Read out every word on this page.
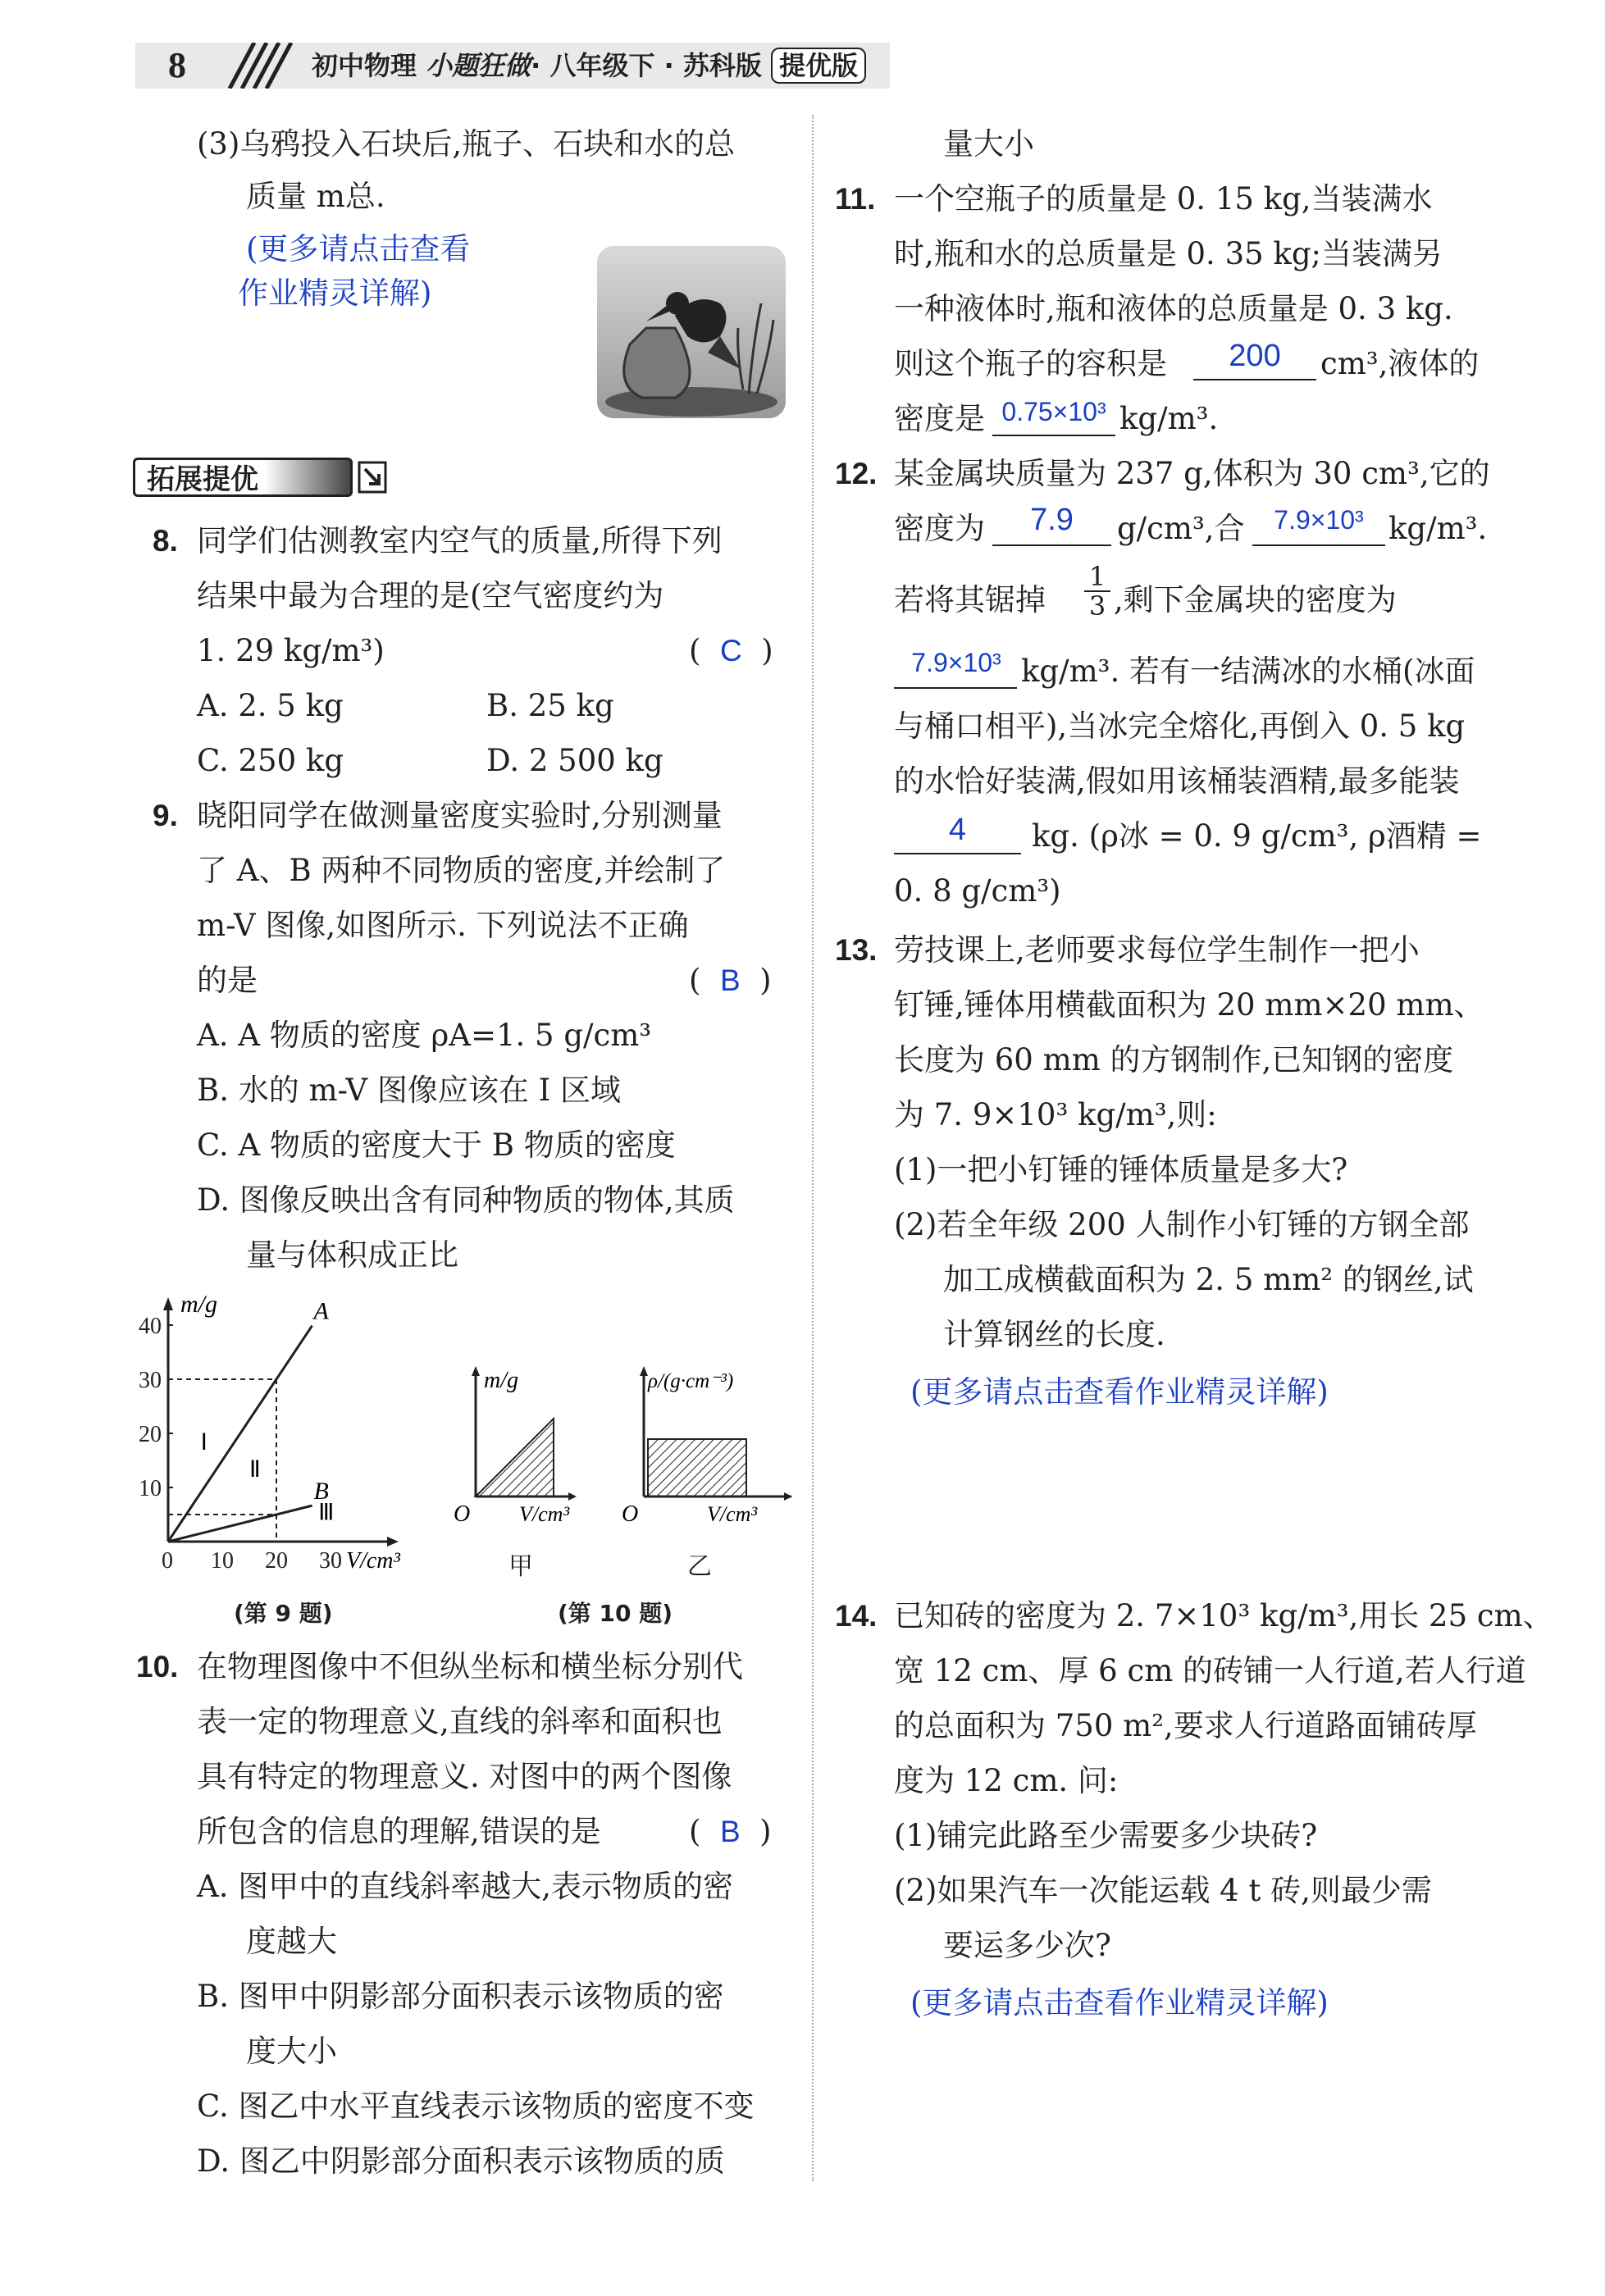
8	初中物理 小题狂做· 八年级下 · 苏科版 提优版
(3)乌鸦投入石块后,瓶子、石块和水的总
质量 m总.
(更多请点击查看
作业精灵详解)
拓展提优
8. 同学们估测教室内空气的质量,所得下列
结果中最为合理的是(空气密度约为
1. 29 kg/m³)	(  C  )
A. 2. 5 kg	B. 25 kg
C. 250 kg	D. 2 500 kg
9. 晓阳同学在做测量密度实验时,分别测量
了 A、B 两种不同物质的密度,并绘制了
m-V 图像,如图所示. 下列说法不正确
的是	(  B  )
A. A 物质的密度 ρA=1. 5 g/cm³
B. 水的 m-V 图像应该在 Ⅰ 区域
C. A 物质的密度大于 B 物质的密度
D. 图像反映出含有同种物质的物体,其质
量与体积成正比
A
B
0 10 20 30
10
20
30
40
m/g
V/cm³
Ⅰ
Ⅱ
Ⅲ
(第 9 题)
m/g
O V/cm³
甲
ρ/(g·cm⁻³)
O	V/cm³
乙
(第 10 题)
10. 在物理图像中不但纵坐标和横坐标分别代
表一定的物理意义,直线的斜率和面积也
具有特定的物理意义. 对图中的两个图像
所包含的信息的理解,错误的是	(  B  )
A. 图甲中的直线斜率越大,表示物质的密
度越大
B. 图甲中阴影部分面积表示该物质的密
度大小
C. 图乙中水平直线表示该物质的密度不变
D. 图乙中阴影部分面积表示该物质的质
量大小
11. 一个空瓶子的质量是 0. 15 kg,当装满水
时,瓶和水的总质量是 0. 35 kg;当装满另
一种液体时,瓶和液体的总质量是 0. 3 kg.
则这个瓶子的容积是	200	cm³,液体的
密度是 0.75×10³ kg/m³.
12. 某金属块质量为 237 g,体积为 30 cm³,它的
密度为	7.9	g/cm³,合	7.9×10³ kg/m³.
若将其锯掉 $\frac{1}{3}$ ,剩下金属块的密度为
7.9×10³ kg/m³. 若有一结满冰的水桶(冰面
与桶口相平),当冰完全熔化,再倒入 0. 5 kg
的水恰好装满,假如用该桶装酒精,最多能装
4	kg. (ρ冰 = 0. 9 g/cm³, ρ酒精 =
0. 8 g/cm³)
13. 劳技课上,老师要求每位学生制作一把小
钉锤,锤体用横截面积为 20 mm×20 mm、
长度为 60 mm 的方钢制作,已知钢的密度
为 7. 9×10³ kg/m³,则:
(1)一把小钉锤的锤体质量是多大?
(2)若全年级 200 人制作小钉锤的方钢全部
加工成横截面积为 2. 5 mm² 的钢丝,试
计算钢丝的长度.
(更多请点击查看作业精灵详解)
14. 已知砖的密度为 2. 7×10³ kg/m³,用长 25 cm、
宽 12 cm、厚 6 cm 的砖铺一人行道,若人行道
的总面积为 750 m²,要求人行道路面铺砖厚
度为 12 cm. 问:
(1)铺完此路至少需要多少块砖?
(2)如果汽车一次能运载 4 t 砖,则最少需
要运多少次?
(更多请点击查看作业精灵详解)
